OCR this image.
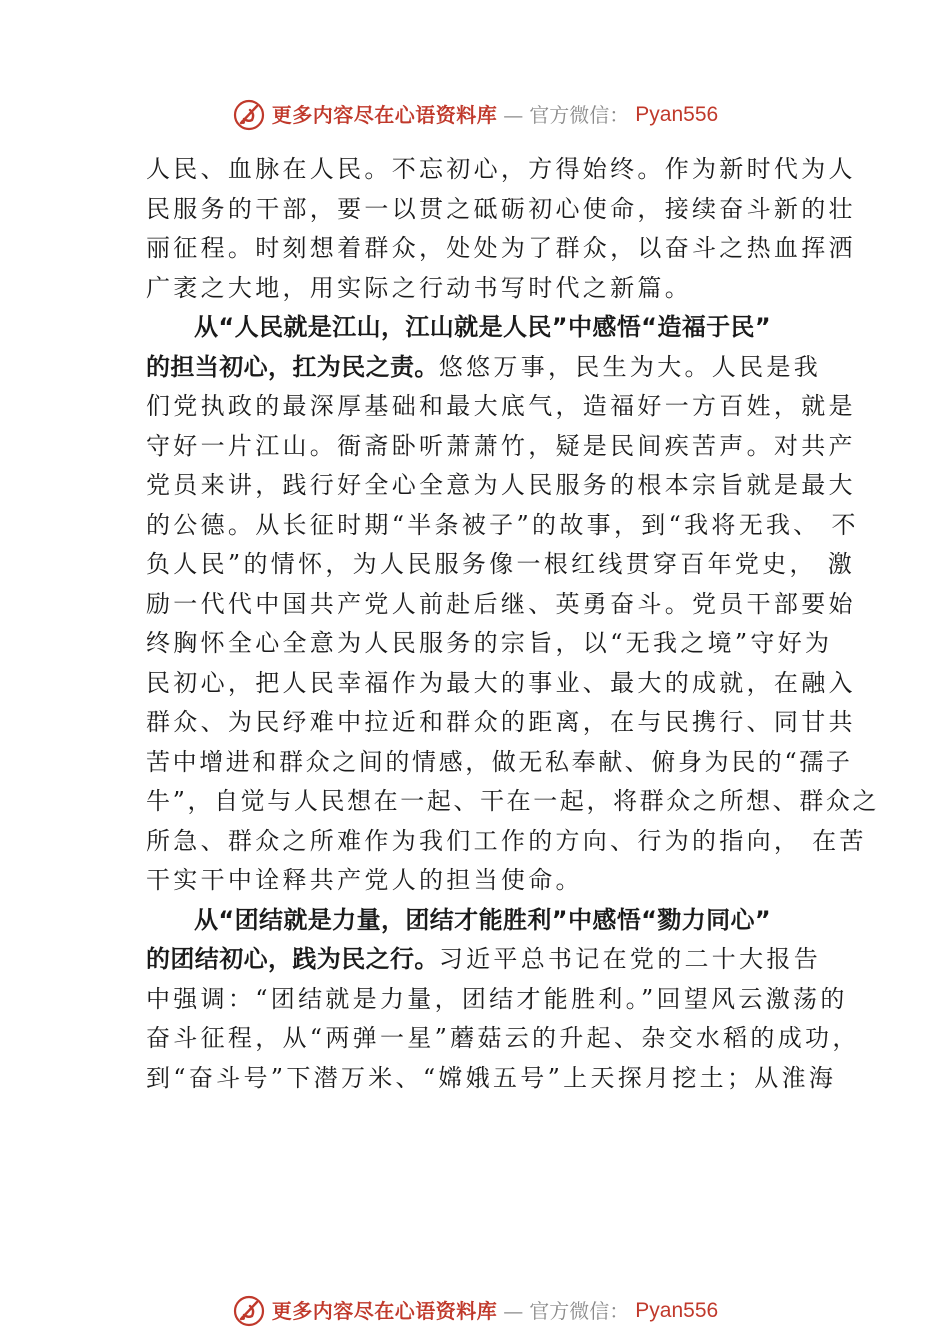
更多内容尽在心语资料库 — 官方微信： Pyan556
人民、血脉在人民。不忘初心，方得始终。作为新时代为人
民服务的干部，要一以贯之砥砺初心使命，接续奋斗新的壮
丽征程。时刻想着群众，处处为了群众，以奋斗之热血挥洒
广袤之大地，用实际之行动书写时代之新篇。
从“人民就是江山，江山就是人民”中感悟“造福于民”
的担当初心，扛为民之责。悠悠万事，民生为大。人民是我
们党执政的最深厚基础和最大底气，造福好一方百姓，就是
守好一片江山。衙斋卧听萧萧竹，疑是民间疾苦声。对共产
党员来讲，践行好全心全意为人民服务的根本宗旨就是最大
的公德。从长征时期“半条被子”的故事，到“我将无我、 不
负人民”的情怀，为人民服务像一根红线贯穿百年党史， 激
励一代代中国共产党人前赴后继、英勇奋斗。党员干部要始
终胸怀全心全意为人民服务的宗旨，以“无我之境”守好为
民初心，把人民幸福作为最大的事业、最大的成就，在融入
群众、为民纾难中拉近和群众的距离，在与民携行、同甘共
苦中增进和群众之间的情感，做无私奉献、俯身为民的“孺子
牛”，自觉与人民想在一起、干在一起，将群众之所想、群众之
所急、群众之所难作为我们工作的方向、行为的指向， 在苦
干实干中诠释共产党人的担当使命。
从“团结就是力量，团结才能胜利”中感悟“勠力同心”
的团结初心，践为民之行。习近平总书记在党的二十大报告
中强调：“团结就是力量，团结才能胜利。”回望风云激荡的
奋斗征程，从“两弹一星”蘑菇云的升起、杂交水稻的成功，
到“奋斗号”下潜万米、“嫦娥五号”上天探月挖土；从淮海
更多内容尽在心语资料库 — 官方微信： Pyan556
